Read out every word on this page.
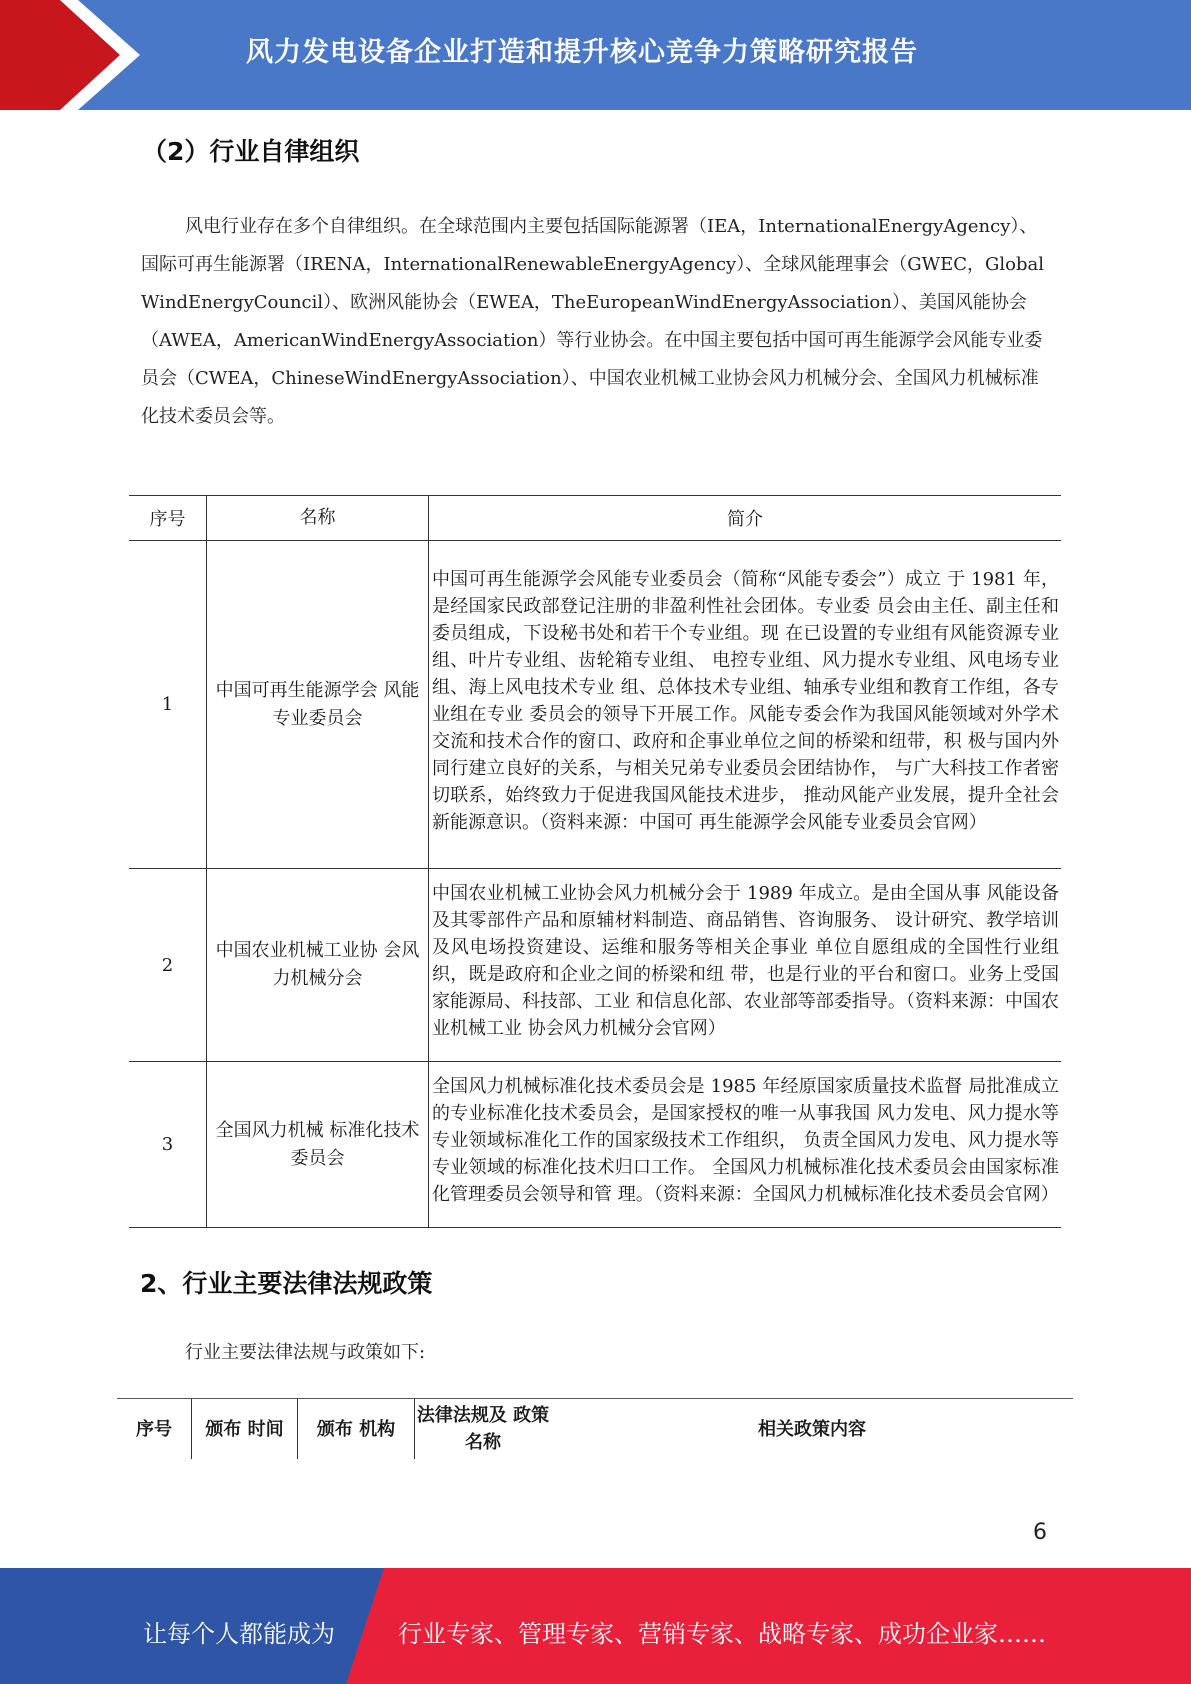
风力发电设备企业打造和提升核心竞争力策略研究报告
（2）行业自律组织
风电行业存在多个自律组织。在全球范围内主要包括国际能源署（IEA，InternationalEnergyAgency）、国际可再生能源署（IRENA，InternationalRenewableEnergyAgency）、全球风能理事会（GWEC，GlobalWindEnergyCouncil）、欧洲风能协会（EWEA，TheEuropeanWindEnergyAssociation）、美国风能协会（AWEA，AmericanWindEnergyAssociation）等行业协会。在中国主要包括中国可再生能源学会风能专业委员会（CWEA，ChineseWindEnergyAssociation）、中国农业机械工业协会风力机械分会、全国风力机械标准化技术委员会等。
序号	名称	简介
1	中国可再生能源学会 风能专业委员会	中国可再生能源学会风能专业委员会（简称“风能专委会”）成立 于 1981 年，是经国家民政部登记注册的非盈利性社会团体。专业委 员会由主任、副主任和委员组成，下设秘书处和若干个专业组。现 在已设置的专业组有风能资源专业组、叶片专业组、齿轮箱专业组、 电控专业组、风力提水专业组、风电场专业组、海上风电技术专业 组、总体技术专业组、轴承专业组和教育工作组，各专业组在专业 委员会的领导下开展工作。风能专委会作为我国风能领域对外学术 交流和技术合作的窗口、政府和企事业单位之间的桥梁和纽带，积 极与国内外同行建立良好的关系，与相关兄弟专业委员会团结协作， 与广大科技工作者密切联系，始终致力于促进我国风能技术进步， 推动风能产业发展，提升全社会新能源意识。（资料来源：中国可 再生能源学会风能专业委员会官网）
2	中国农业机械工业协 会风力机械分会	中国农业机械工业协会风力机械分会于 1989 年成立。是由全国从事 风能设备及其零部件产品和原辅材料制造、商品销售、咨询服务、 设计研究、教学培训及风电场投资建设、运维和服务等相关企事业 单位自愿组成的全国性行业组织，既是政府和企业之间的桥梁和纽 带，也是行业的平台和窗口。业务上受国家能源局、科技部、工业 和信息化部、农业部等部委指导。（资料来源：中国农业机械工业 协会风力机械分会官网）
3	全国风力机械 标准化技术委员会	全国风力机械标准化技术委员会是 1985 年经原国家质量技术监督 局批准成立的专业标准化技术委员会，是国家授权的唯一从事我国 风力发电、风力提水等专业领域标准化工作的国家级技术工作组织， 负责全国风力发电、风力提水等专业领域的标准化技术归口工作。 全国风力机械标准化技术委员会由国家标准化管理委员会领导和管 理。（资料来源：全国风力机械标准化技术委员会官网）
2、行业主要法律法规政策
行业主要法律法规与政策如下:
序号	颁布 时间	颁布 机构	法律法规及 政策名称	相关政策内容
6
让每个人都能成为	行业专家、管理专家、营销专家、战略专家、成功企业家……
